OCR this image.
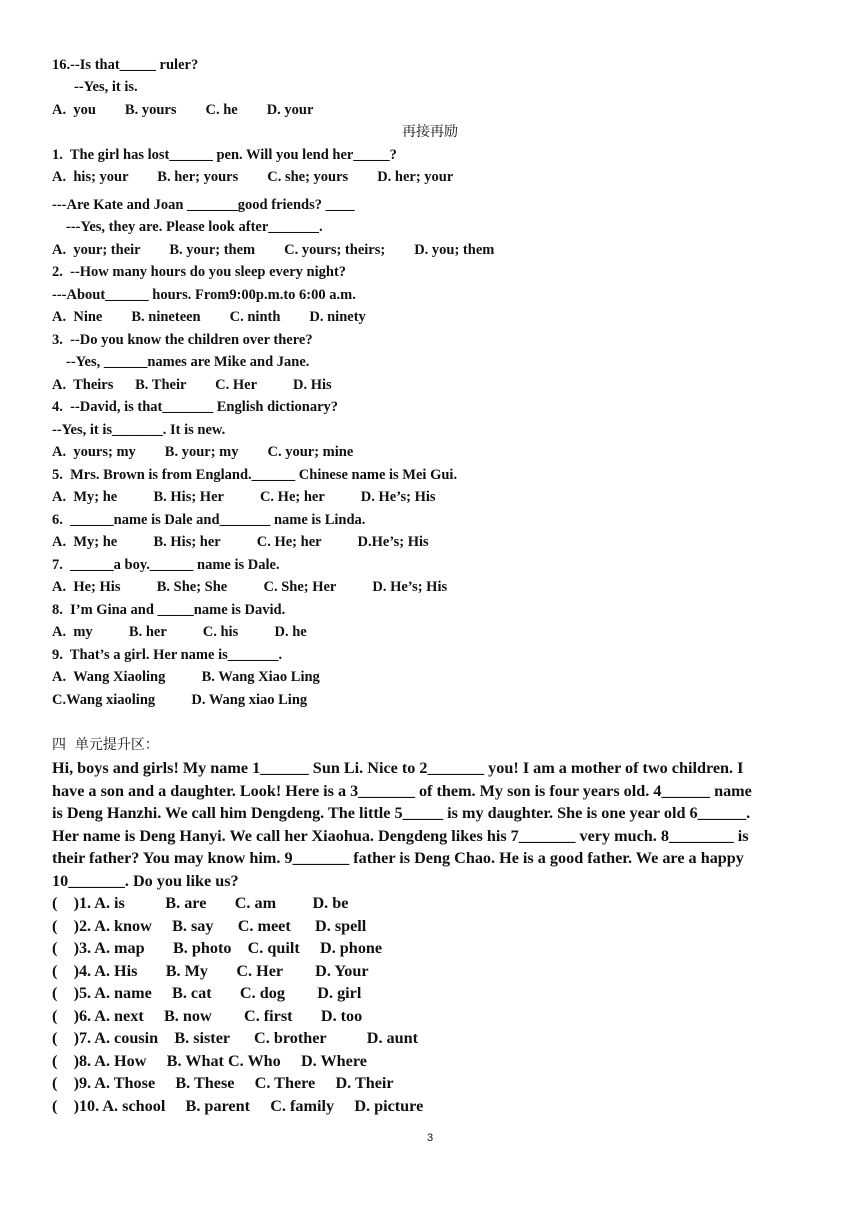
16.--Is that_____ ruler?
--Yes, it is.
A.  you        B. yours        C. he        D. your
再接再励
1.  The girl has lost______ pen. Will you lend her_____?
A.  his; your        B. her; yours        C. she; yours        D. her; your
---Are Kate and Joan _______good friends? ____
---Yes, they are. Please look after_______.
A.  your; their        B. your; them        C. yours; theirs;        D. you; them
2.  --How many hours do you sleep every night?
---About______ hours. From9:00p.m.to 6:00 a.m.
A.  Nine        B. nineteen        C. ninth        D. ninety
3.  --Do you know the children over there?
--Yes, ______names are Mike and Jane.
A.  Theirs      B. Their        C. Her          D. His
4.  --David, is that_______ English dictionary?
--Yes, it is_______. It is new.
A.  yours; my        B. your; my        C. your; mine
5.  Mrs. Brown is from England.______ Chinese name is Mei Gui.
A.  My; he          B. His; Her          C. He; her          D. He’s; His
6.  ______name is Dale and_______ name is Linda.
A.  My; he          B. His; her          C. He; her          D.He’s; His
7.  ______a boy.______ name is Dale.
A.  He; His          B. She; She          C. She; Her          D. He’s; His
8.  I’m Gina and _____name is David.
A.  my          B. her          C. his          D. he
9.  That’s a girl. Her name is_______.
A.  Wang Xiaoling          B. Wang Xiao Ling
C.Wang xiaoling          D. Wang xiao Ling
四  单元提升区：
Hi, boys and girls! My name 1______ Sun Li. Nice to 2_______ you! I am a mother of two children. I
have a son and a daughter. Look! Here is a 3_______ of them. My son is four years old. 4______ name
is Deng Hanzhi. We call him Dengdeng. The little 5_____ is my daughter. She is one year old 6______.
Her name is Deng Hanyi. We call her Xiaohua. Dengdeng likes his 7_______ very much. 8________ is
their father? You may know him. 9_______ father is Deng Chao. He is a good father. We are a happy
10_______. Do you like us?
(    )1. A. is          B. are       C. am         D. be
(    )2. A. know     B. say      C. meet      D. spell
(    )3. A. map       B. photo    C. quilt     D. phone
(    )4. A. His       B. My       C. Her        D. Your
(    )5. A. name     B. cat       C. dog        D. girl
(    )6. A. next     B. now        C. first       D. too
(    )7. A. cousin    B. sister      C. brother          D. aunt
(    )8. A. How     B. What C. Who     D. Where
(    )9. A. Those     B. These     C. There     D. Their
(    )10. A. school     B. parent     C. family     D. picture
3
